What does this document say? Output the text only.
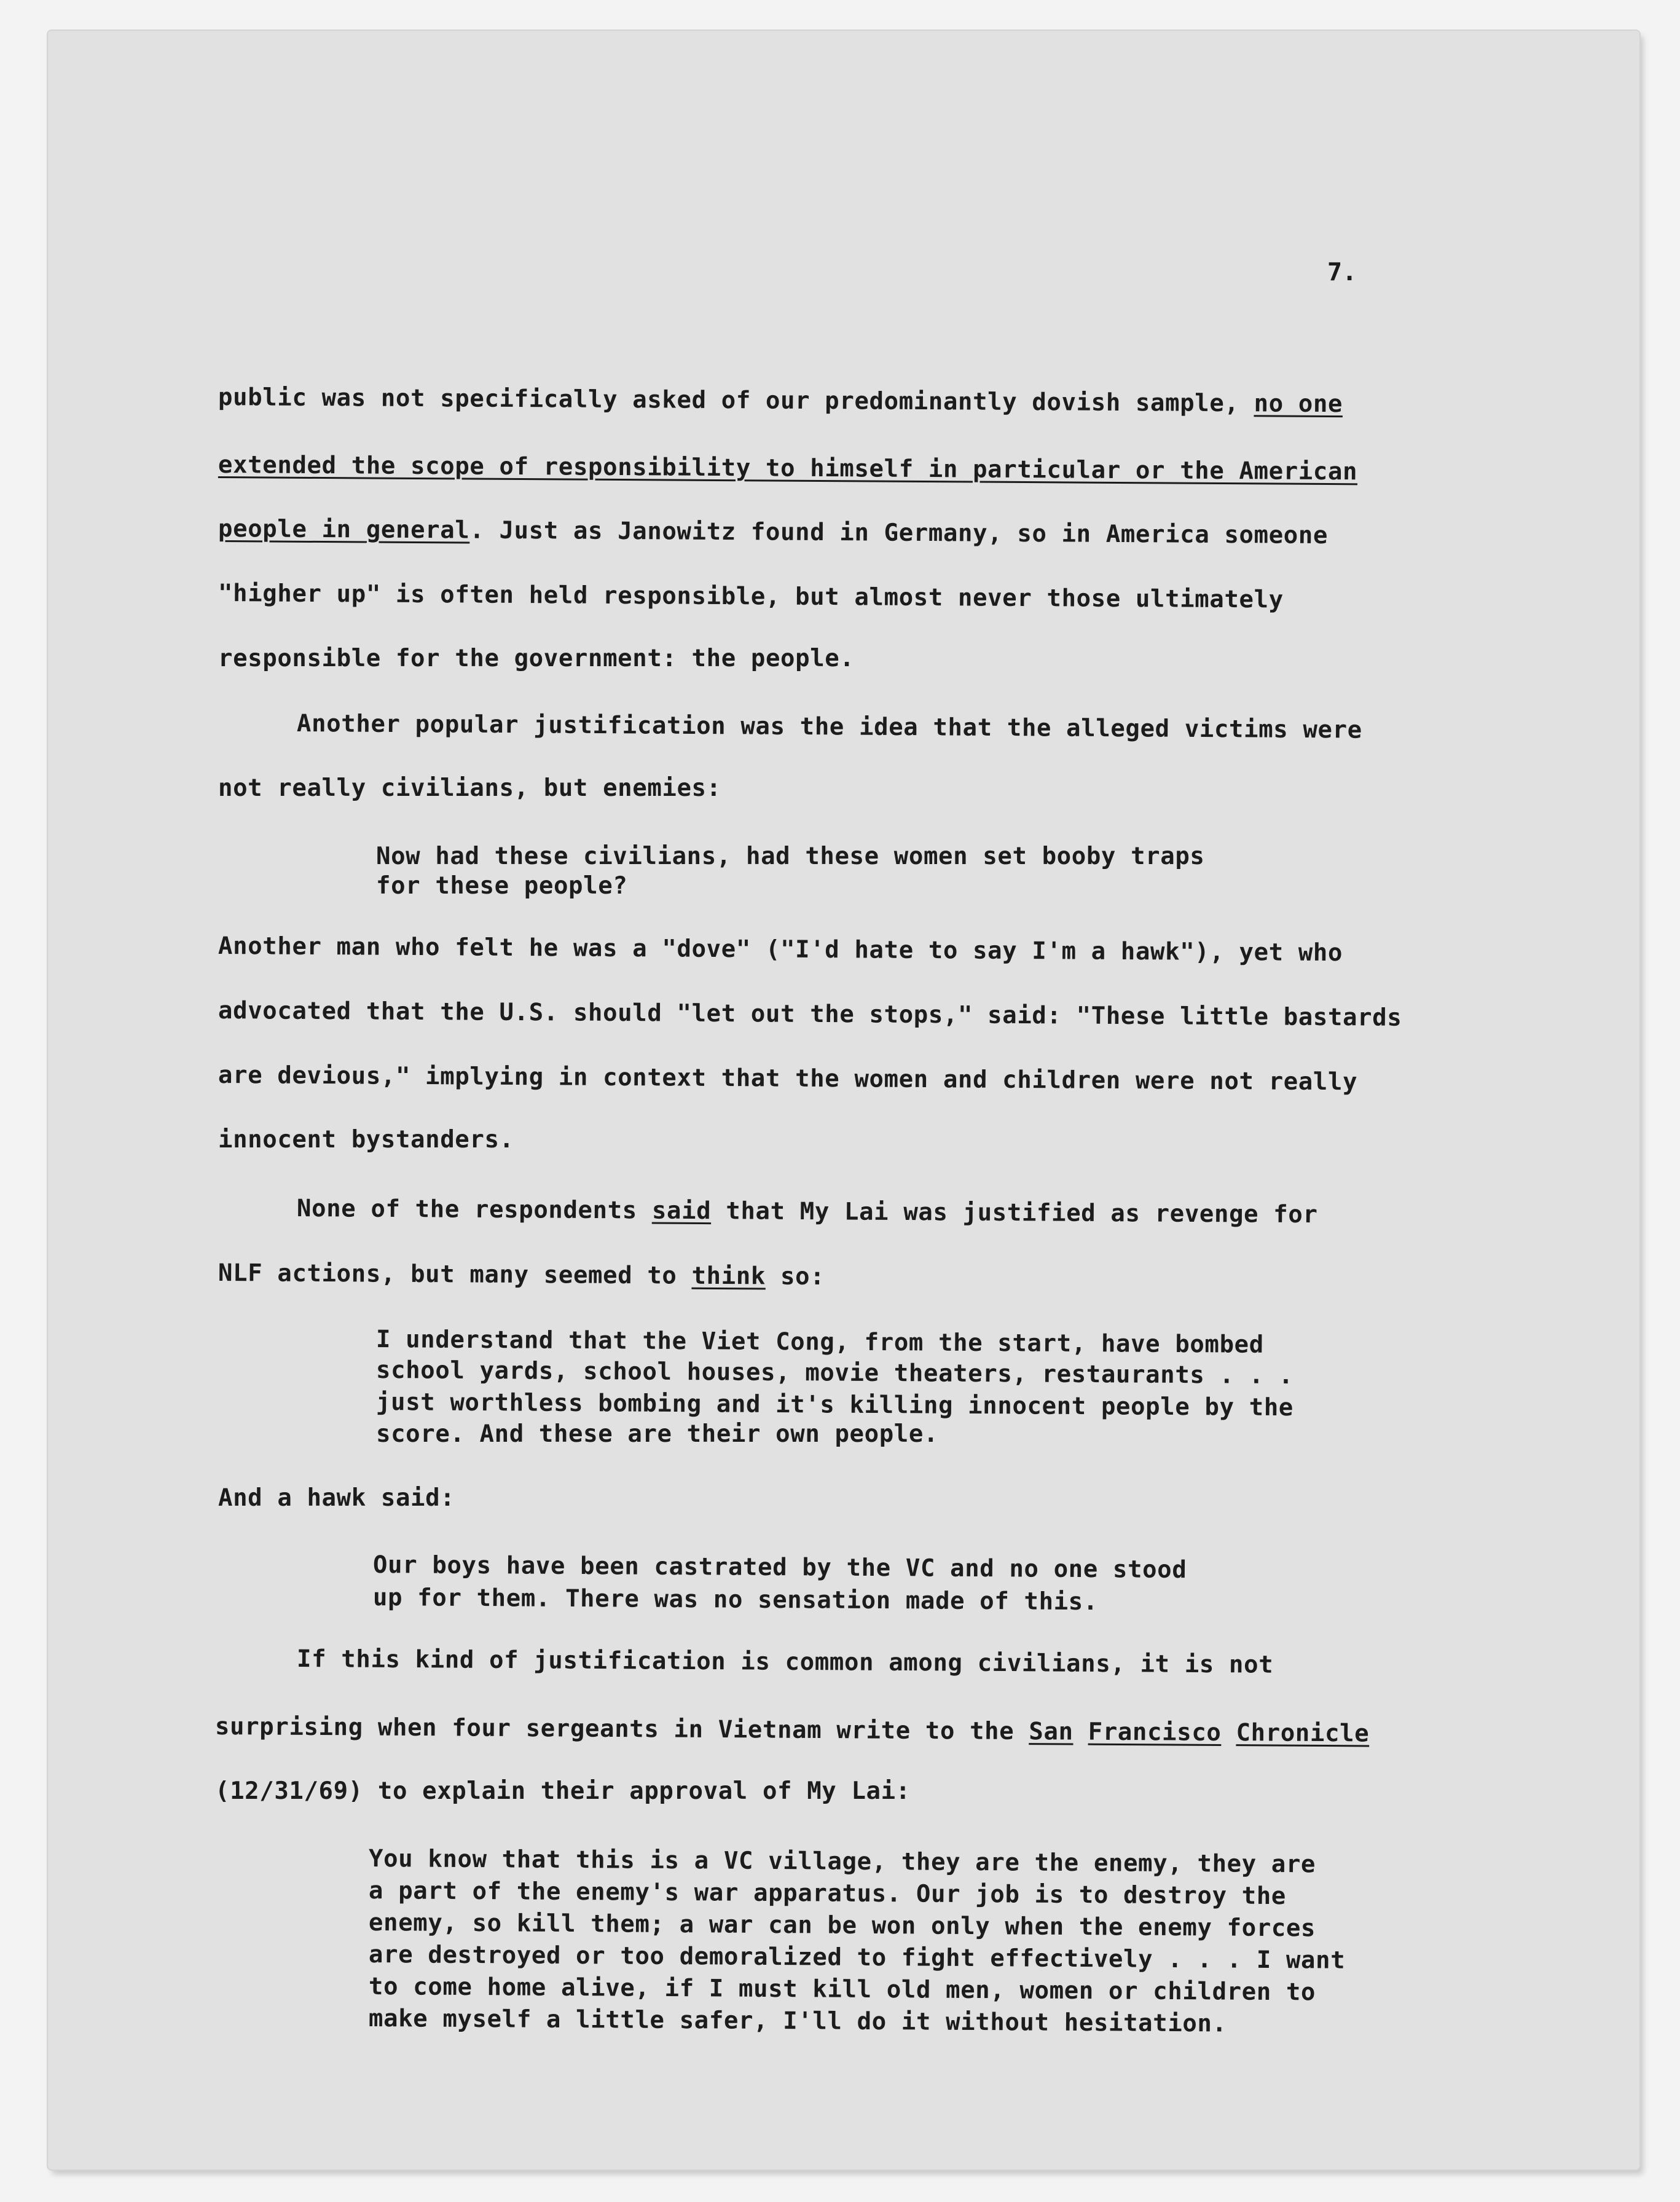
7.
public was not specifically asked of our predominantly dovish sample, no one
extended the scope of responsibility to himself in particular or the American
people in general. Just as Janowitz found in Germany, so in America someone
"higher up" is often held responsible, but almost never those ultimately
responsible for the government: the people.
Another popular justification was the idea that the alleged victims were
not really civilians, but enemies:
Now had these civilians, had these women set booby traps
for these people?
Another man who felt he was a "dove" ("I'd hate to say I'm a hawk"), yet who
advocated that the U.S. should "let out the stops," said: "These little bastards
are devious," implying in context that the women and children were not really
innocent bystanders.
None of the respondents said that My Lai was justified as revenge for
NLF actions, but many seemed to think so:
I understand that the Viet Cong, from the start, have bombed
school yards, school houses, movie theaters, restaurants . . .
just worthless bombing and it's killing innocent people by the
score. And these are their own people.
And a hawk said:
Our boys have been castrated by the VC and no one stood
up for them. There was no sensation made of this.
If this kind of justification is common among civilians, it is not
surprising when four sergeants in Vietnam write to the San Francisco Chronicle
(12/31/69) to explain their approval of My Lai:
You know that this is a VC village, they are the enemy, they are
a part of the enemy's war apparatus. Our job is to destroy the
enemy, so kill them; a war can be won only when the enemy forces
are destroyed or too demoralized to fight effectively . . . I want
to come home alive, if I must kill old men, women or children to
make myself a little safer, I'll do it without hesitation.
